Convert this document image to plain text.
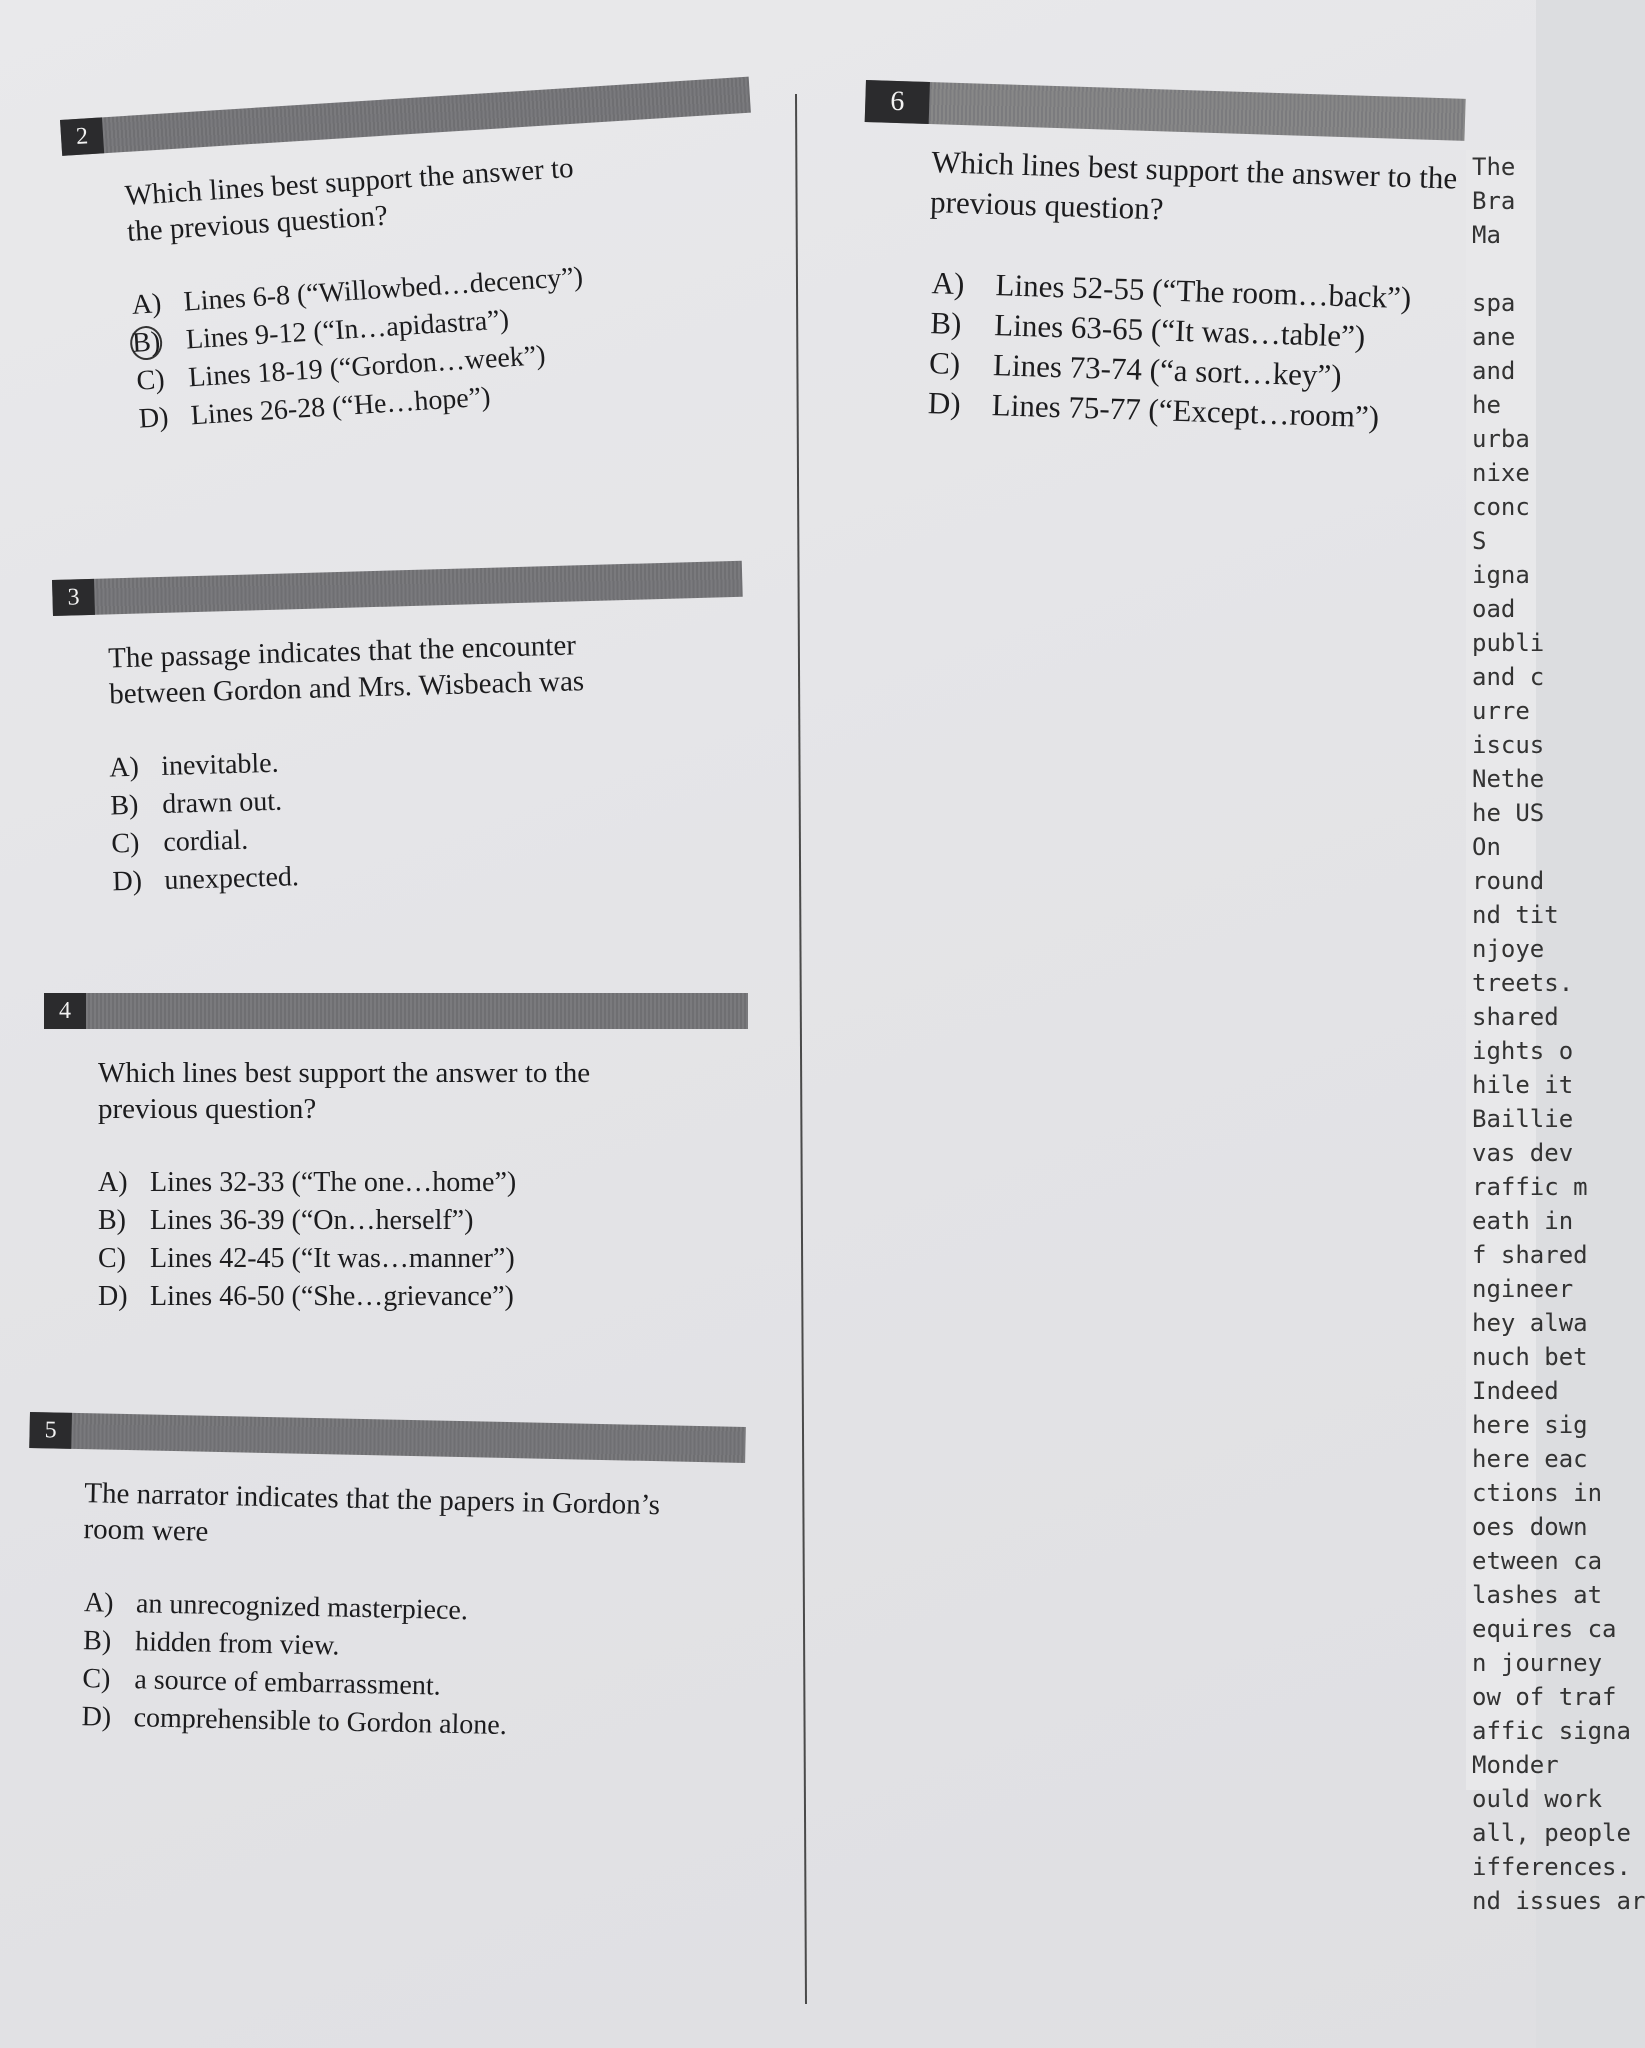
2
Which lines best support the answer to the previous question?
A) Lines 6-8 (“Willowbed…decency”)
B) Lines 9-12 (“In…apidastra”)
C) Lines 18-19 (“Gordon…week”)
D) Lines 26-28 (“He…hope”)
3
The passage indicates that the encounter between Gordon and Mrs. Wisbeach was
A) inevitable.
B) drawn out.
C) cordial.
D) unexpected.
4
Which lines best support the answer to the previous question?
A) Lines 32-33 (“The one…home”)
B) Lines 36-39 (“On…herself”)
C) Lines 42-45 (“It was…manner”)
D) Lines 46-50 (“She…grievance”)
5
The narrator indicates that the papers in Gordon’s room were
A) an unrecognized masterpiece.
B) hidden from view.
C) a source of embarrassment.
D) comprehensible to Gordon alone.
6
Which lines best support the answer to the previous question?
A) Lines 52-55 (“The room…back”)
B)	Lines 63-65 (“It was…table”)
C)	Lines 73-74 (“a sort…key”)
D) Lines 75-77 (“Except…room”)
The
Bra
Ma
spa
ane
and
he
urba
nixe
conc
S
igna
oad
publi
and c
urre
iscus
Nethe
he US
On
round
nd tit
njoye
treets.
shared
ights o
hile it
Baillie
vas dev
raffic m
eath in
f shared
ngineer
hey alwa
nuch bet
Indeed
here sig
here eac
ctions in
oes down
etween ca
lashes at
equires ca
n journey
ow of traf
affic signa
Monder
ould work
all, people
ifferences.
nd issues ar
